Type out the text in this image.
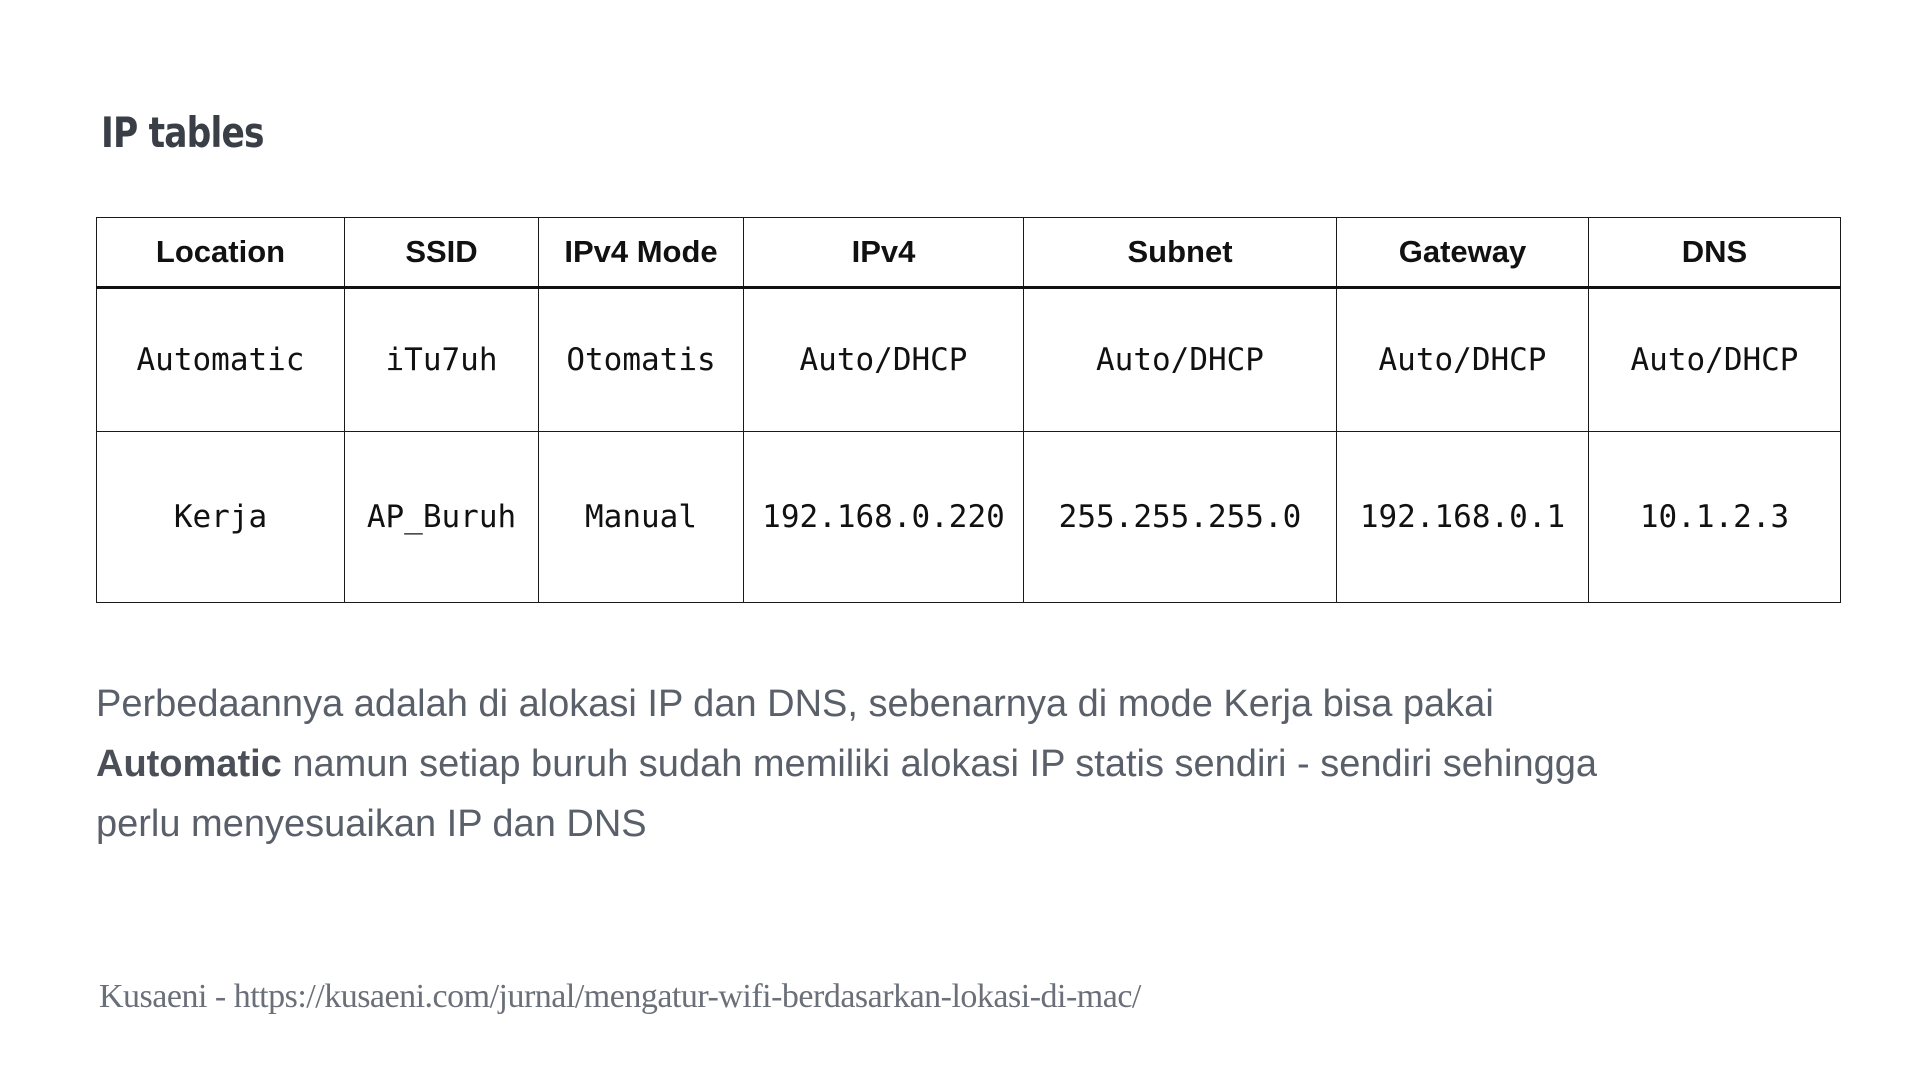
IP tables
Location	SSID	IPv4 Mode	IPv4	Subnet	Gateway	DNS
Automatic	iTu7uh	Otomatis	Auto/DHCP	Auto/DHCP	Auto/DHCP	Auto/DHCP
Kerja	AP_Buruh	Manual	192.168.0.220	255.255.255.0	192.168.0.1	10.1.2.3

Perbedaannya adalah di alokasi IP dan DNS, sebenarnya di mode Kerja bisa pakai
Automatic namun setiap buruh sudah memiliki alokasi IP statis sendiri - sendiri sehingga
perlu menyesuaikan IP dan DNS

Kusaeni - https://kusaeni.com/jurnal/mengatur-wifi-berdasarkan-lokasi-di-mac/
